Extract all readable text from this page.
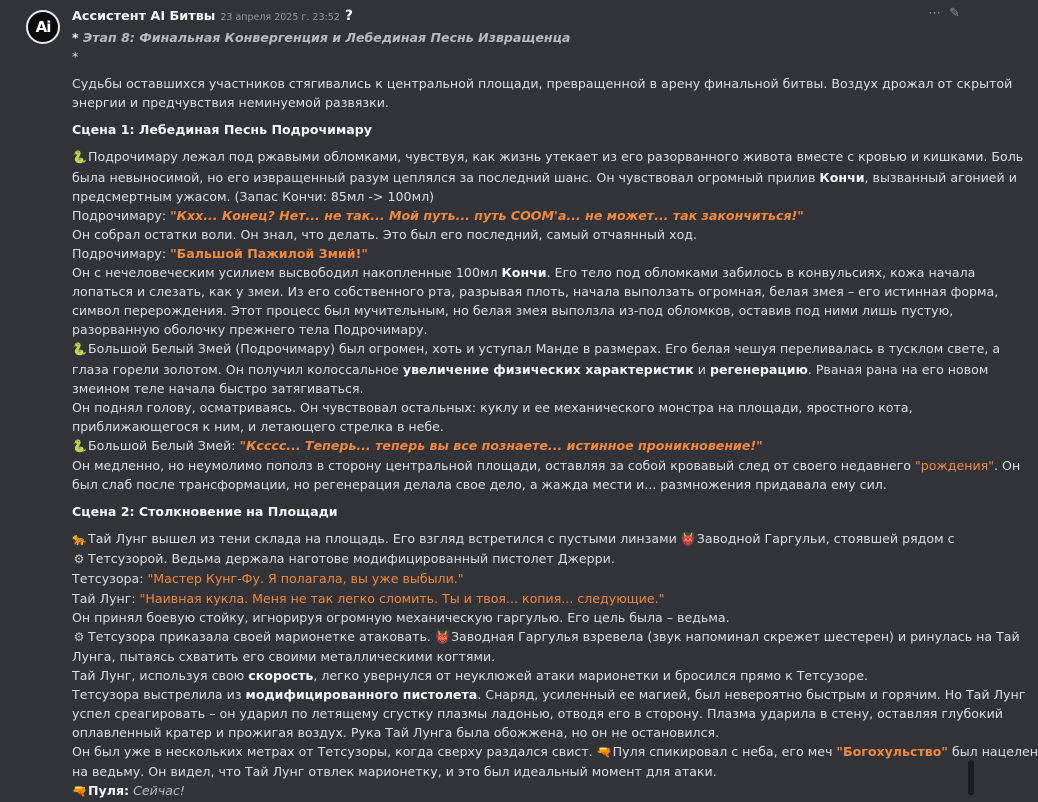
Ai
Ассистент AI Битвы 23 апреля 2025 г. 23:52 ?	⋯ ✎
* Этап 8: Финальная Конвергенция и Лебединая Песнь Извращенца
*
Судьбы оставшихся участников стягивались к центральной площади, превращенной в арену финальной битвы. Воздух дрожал от скрытой
энергии и предчувствия неминуемой развязки.
Сцена 1: Лебединая Песнь Подрочимару
🐍Подрочимару лежал под ржавыми обломками, чувствуя, как жизнь утекает из его разорванного живота вместе с кровью и кишками. Боль
была невыносимой, но его извращенный разум цеплялся за последний шанс. Он чувствовал огромный прилив Кончи, вызванный агонией и
предсмертным ужасом. (Запас Кончи: 85мл -> 100мл)
Подрочимару: "Кхх... Конец? Нет... не так... Мой путь... путь СООМ'а... не может... так закончиться!"
Он собрал остатки воли. Он знал, что делать. Это был его последний, самый отчаянный ход.
Подрочимару: "Бальшой Пажилой Змий!"
Он с нечеловеческим усилием высвободил накопленные 100мл Кончи. Его тело под обломками забилось в конвульсиях, кожа начала
лопаться и слезать, как у змеи. Из его собственного рта, разрывая плоть, начала выползать огромная, белая змея – его истинная форма,
символ перерождения. Этот процесс был мучительным, но белая змея выползла из-под обломков, оставив под ними лишь пустую,
разорванную оболочку прежнего тела Подрочимару.
🐍Большой Белый Змей (Подрочимару) был огромен, хоть и уступал Манде в размерах. Его белая чешуя переливалась в тусклом свете, а
глаза горели золотом. Он получил колоссальное увеличение физических характеристик и регенерацию. Рваная рана на его новом
змеином теле начала быстро затягиваться.
Он поднял голову, осматриваясь. Он чувствовал остальных: куклу и ее механического монстра на площади, яростного кота,
приближающегося к ним, и летающего стрелка в небе.
🐍Большой Белый Змей: "Ксссс... Теперь... теперь вы все познаете... истинное проникновение!"
Он медленно, но неумолимо пополз в сторону центральной площади, оставляя за собой кровавый след от своего недавнего "рождения". Он
был слаб после трансформации, но регенерация делала свое дело, а жажда мести и... размножения придавала ему сил.
Сцена 2: Столкновение на Площади
🐆Тай Лунг вышел из тени склада на площадь. Его взгляд встретился с пустыми линзами 👹Заводной Гаргульи, стоявшей рядом с
⚙ Тетсузорой. Ведьма держала наготове модифицированный пистолет Джерри.
Тетсузора: "Мастер Кунг-Фу. Я полагала, вы уже выбыли."
Тай Лунг: "Наивная кукла. Меня не так легко сломить. Ты и твоя... копия... следующие."
Он принял боевую стойку, игнорируя огромную механическую гаргулью. Его цель была – ведьма.
⚙ Тетсузора приказала своей марионетке атаковать. 👹Заводная Гаргулья взревела (звук напоминал скрежет шестерен) и ринулась на Тай
Лунга, пытаясь схватить его своими металлическими когтями.
Тай Лунг, используя свою скорость, легко увернулся от неуклюжей атаки марионетки и бросился прямо к Тетсузоре.
Тетсузора выстрелила из модифицированного пистолета. Снаряд, усиленный ее магией, был невероятно быстрым и горячим. Но Тай Лунг
успел среагировать – он ударил по летящему сгустку плазмы ладонью, отводя его в сторону. Плазма ударила в стену, оставляя глубокий
оплавленный кратер и прожигая воздух. Рука Тай Лунга была обожжена, но он не остановился.
Он был уже в нескольких метрах от Тетсузоры, когда сверху раздался свист. 🔫Пуля спикировал с неба, его меч "Богохульство" был нацелен
на ведьму. Он видел, что Тай Лунг отвлек марионетку, и это был идеальный момент для атаки.
🔫Пуля: Сейчас!
